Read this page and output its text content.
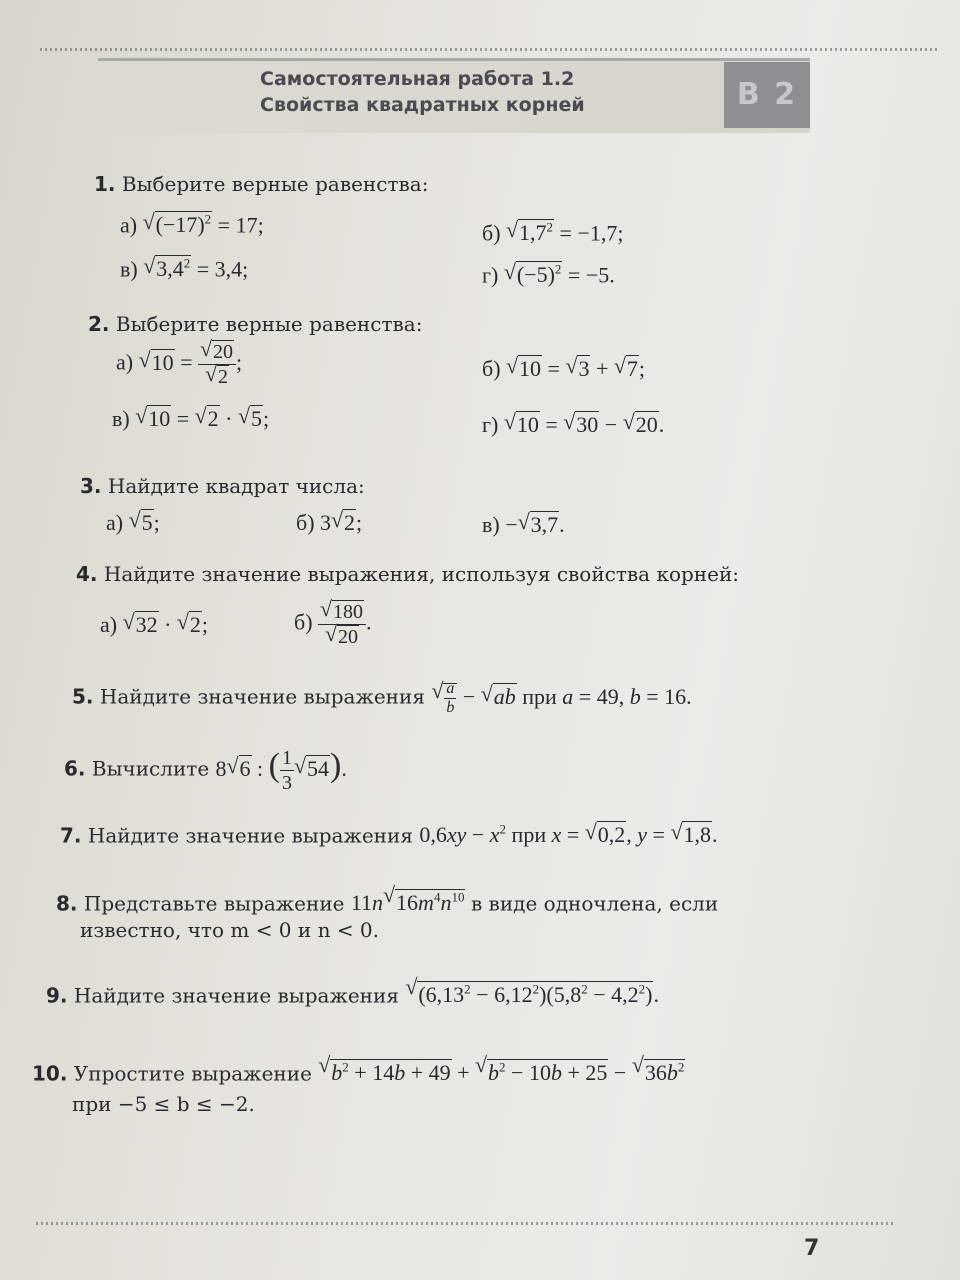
Самостоятельная работа 1.2
Свойства квадратных корней	В 2
1. Выберите верные равенства:
а) √ $(-17)^2 = 17$;	б) √ $1,7^2 = -1,7$;
в) √ $3,4^2 = 3,4$;	г) √ $(-5)^2 = -5$.
2. Выберите верные равенства:
а) √ 10 = √ 20
√ 2 ;	б) √ 10 = √ 3 + √ 7;
в) √ 10 = √ 2 · √ 5;	г) √ 10 = √ 30 − √ 20.
3. Найдите квадрат числа:
а) √ 5;	б) 3 √ 2;	в) − √ 3,7.
4. Найдите значение выражения, используя свойства корней:
а) √ 32 · √ 2;	б) √ 180
√ 20 .
5. Найдите значение выражения √ $\frac{a}{b}$ − √ ab при a = 49, b = 16.
6. Вычислите 8 √ 6 : ( $\frac{1}{3}$ √ 54).
7. Найдите значение выражения $0,6xy - x^2$ при x = √ 0,2, y = √ 1,8.
8. Представьте выражение 11n √ $16m^4n^{10}$ в виде одночлена, если
известно, что m < 0 и n < 0.
9. Найдите значение выражения √ $(6,13^2 - 6,12^2)(5,8^2 - 4,2^2)$.
10. Упростите выражение √ $b^2 + 14b + 49$ + √ $b^2 - 10b + 25$ − √ $36b^2$
при −5 ≤ b ≤ −2.
7
